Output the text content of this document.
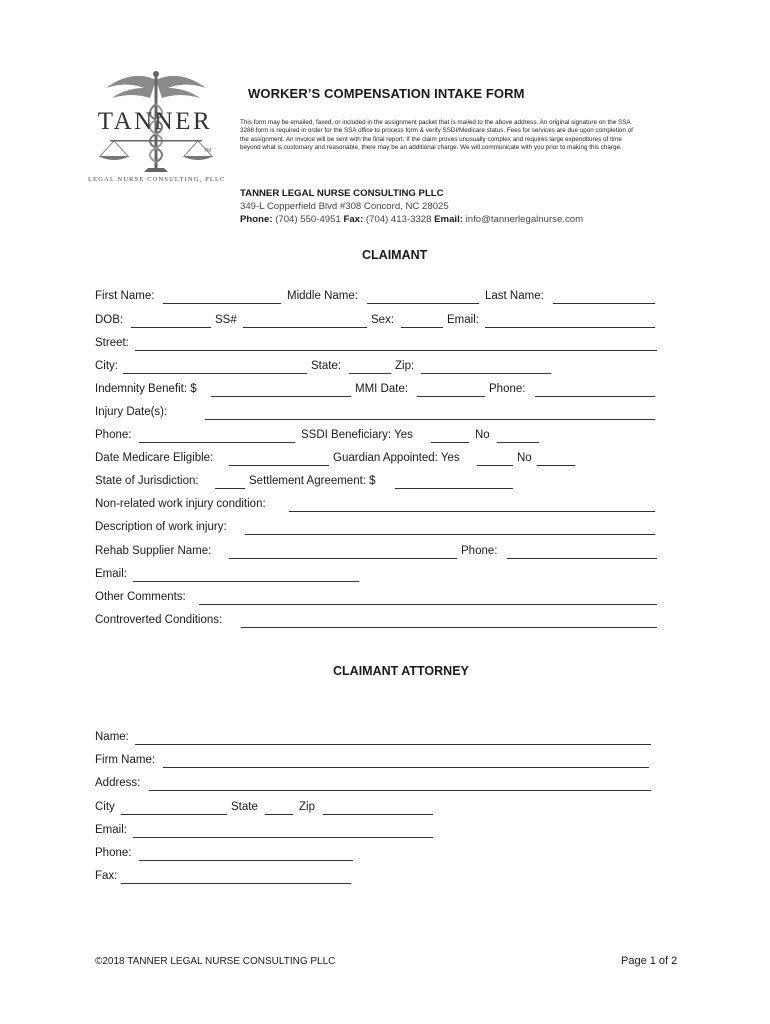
TANNER
TM
LEGAL NURSE CONSULTING, PLLC
WORKER’S COMPENSATION INTAKE FORM
This form may be emailed, faxed, or included in the assignment packet that is mailed to the above address. An original signature on the SSA 3288 form is required in order for the SSA office to process form & verify SSDI/Medicare status. Fees for services are due upon completion of the assignment. An invoice will be sent with the final report. If the claim proves unusually complex and requires large expenditures of time beyond what is customary and reasonable, there may be an additional charge. We will communicate with you prior to making this charge.
TANNER LEGAL NURSE CONSULTING PLLC
349-L Copperfield Blvd #308 Concord, NC 28025
Phone: (704) 550-4951 Fax: (704) 413-3328 Email: info@tannerlegalnurse.com
CLAIMANT
First Name:	Middle Name:	Last Name:
DOB:	SS#	Sex:	Email:
Street:
City:	State:	Zip:
Indemnity Benefit: $	MMI Date:	Phone:
Injury Date(s):
Phone:	SSDI Beneficiary: Yes	No
Date Medicare Eligible:	Guardian Appointed: Yes	No
State of Jurisdiction:	Settlement Agreement: $
Non-related work injury condition:
Description of work injury:
Rehab Supplier Name:	Phone:
Email:
Other Comments:
Controverted Conditions:
CLAIMANT ATTORNEY
Name:
Firm Name:
Address:
City	State	Zip
Email:
Phone:
Fax:
©2018 TANNER LEGAL NURSE CONSULTING PLLC	Page 1 of 2
